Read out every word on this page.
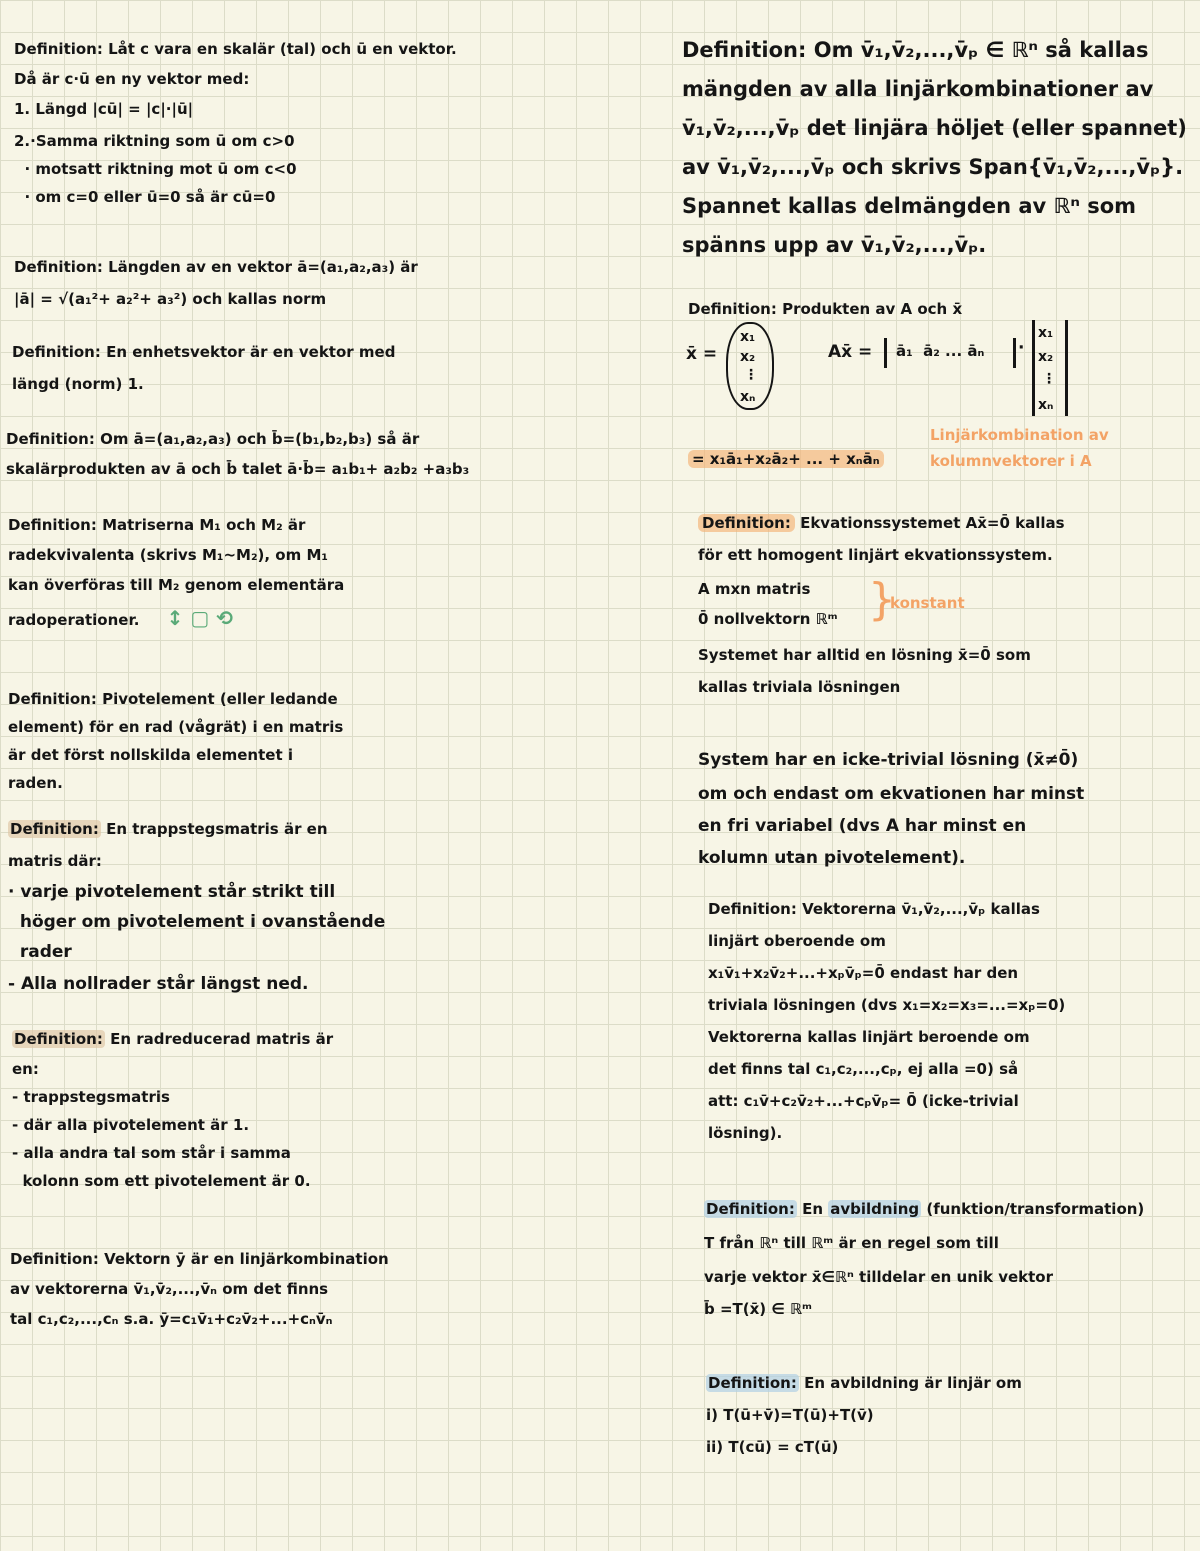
Definition: Låt c vara en skalär (tal) och ū en vektor.
Då är c·ū en ny vektor med:
1. Längd |cū| = |c|·|ū|
2.·Samma riktning som ū om c>0
· motsatt riktning mot ū om c<0
· om c=0 eller ū=0 så är cū=0
Definition: Längden av en vektor ā=(a₁,a₂,a₃) är
|ā| = √(a₁²+ a₂²+ a₃²) och kallas norm
Definition: En enhetsvektor är en vektor med
längd (norm) 1.
Definition: Om ā=(a₁,a₂,a₃) och b̄=(b₁,b₂,b₃) så är
skalärprodukten av ā och b̄ talet ā·b̄= a₁b₁+ a₂b₂ +a₃b₃
Definition: Matriserna M₁ och M₂ är
radekvivalenta (skrivs M₁~M₂), om M₁
kan överföras till M₂ genom elementära
radoperationer. ↕ ▢ ⟲
Definition: Pivotelement (eller ledande
element) för en rad (vågrät) i en matris
är det först nollskilda elementet i
raden.
Definition: En trappstegsmatris är en
matris där:
· varje pivotelement står strikt till
höger om pivotelement i ovanstående
rader
- Alla nollrader står längst ned.
Definition: En radreducerad matris är
en:
- trappstegsmatris
- där alla pivotelement är 1.
- alla andra tal som står i samma
kolonn som ett pivotelement är 0.
Definition: Vektorn ȳ är en linjärkombination
av vektorerna v̄₁,v̄₂,...,v̄ₙ om det finns
tal c₁,c₂,...,cₙ s.a. ȳ=c₁v̄₁+c₂v̄₂+...+cₙv̄ₙ
Definition: Om v̄₁,v̄₂,...,v̄ₚ ∈ ℝⁿ så kallas
mängden av alla linjärkombinationer av
v̄₁,v̄₂,...,v̄ₚ det linjära höljet (eller spannet)
av v̄₁,v̄₂,...,v̄ₚ och skrivs Span{v̄₁,v̄₂,...,v̄ₚ}.
Spannet kallas delmängden av ℝⁿ som
spänns upp av v̄₁,v̄₂,...,v̄ₚ.
Definition: Produkten av A och x̄
x̄ =
x₁
x₂
⋮
xₙ
Ax̄ = ā₁  ā₂ ... āₙ ·
x₁
x₂
⋮
xₙ
= x₁ā₁+x₂ā₂+ ... + xₙāₙ
Linjärkombination av
kolumnvektorer i A
Definition: Ekvationssystemet Ax̄=0̄ kallas
för ett homogent linjärt ekvationssystem.
A mxn matris
0̄ nollvektorn ℝᵐ
Systemet har alltid en lösning x̄=0̄ som
kallas triviala lösningen
}
konstant
System har en icke-trivial lösning (x̄≠0̄)
om och endast om ekvationen har minst
en fri variabel (dvs A har minst en
kolumn utan pivotelement).
Definition: Vektorerna v̄₁,v̄₂,...,v̄ₚ kallas
linjärt oberoende om
x₁v̄₁+x₂v̄₂+...+xₚv̄ₚ=0̄ endast har den
triviala lösningen (dvs x₁=x₂=x₃=...=xₚ=0)
Vektorerna kallas linjärt beroende om
det finns tal c₁,c₂,...,cₚ, ej alla =0) så
att: c₁v̄+c₂v̄₂+...+cₚv̄ₚ= 0̄ (icke-trivial
lösning).
Definition: En avbildning (funktion/transformation)
T från ℝⁿ till ℝᵐ är en regel som till
varje vektor x̄∈ℝⁿ tilldelar en unik vektor
b̄ =T(x̄) ∈ ℝᵐ
Definition: En avbildning är linjär om
i) T(ū+v̄)=T(ū)+T(v̄)
ii) T(cū) = cT(ū)
